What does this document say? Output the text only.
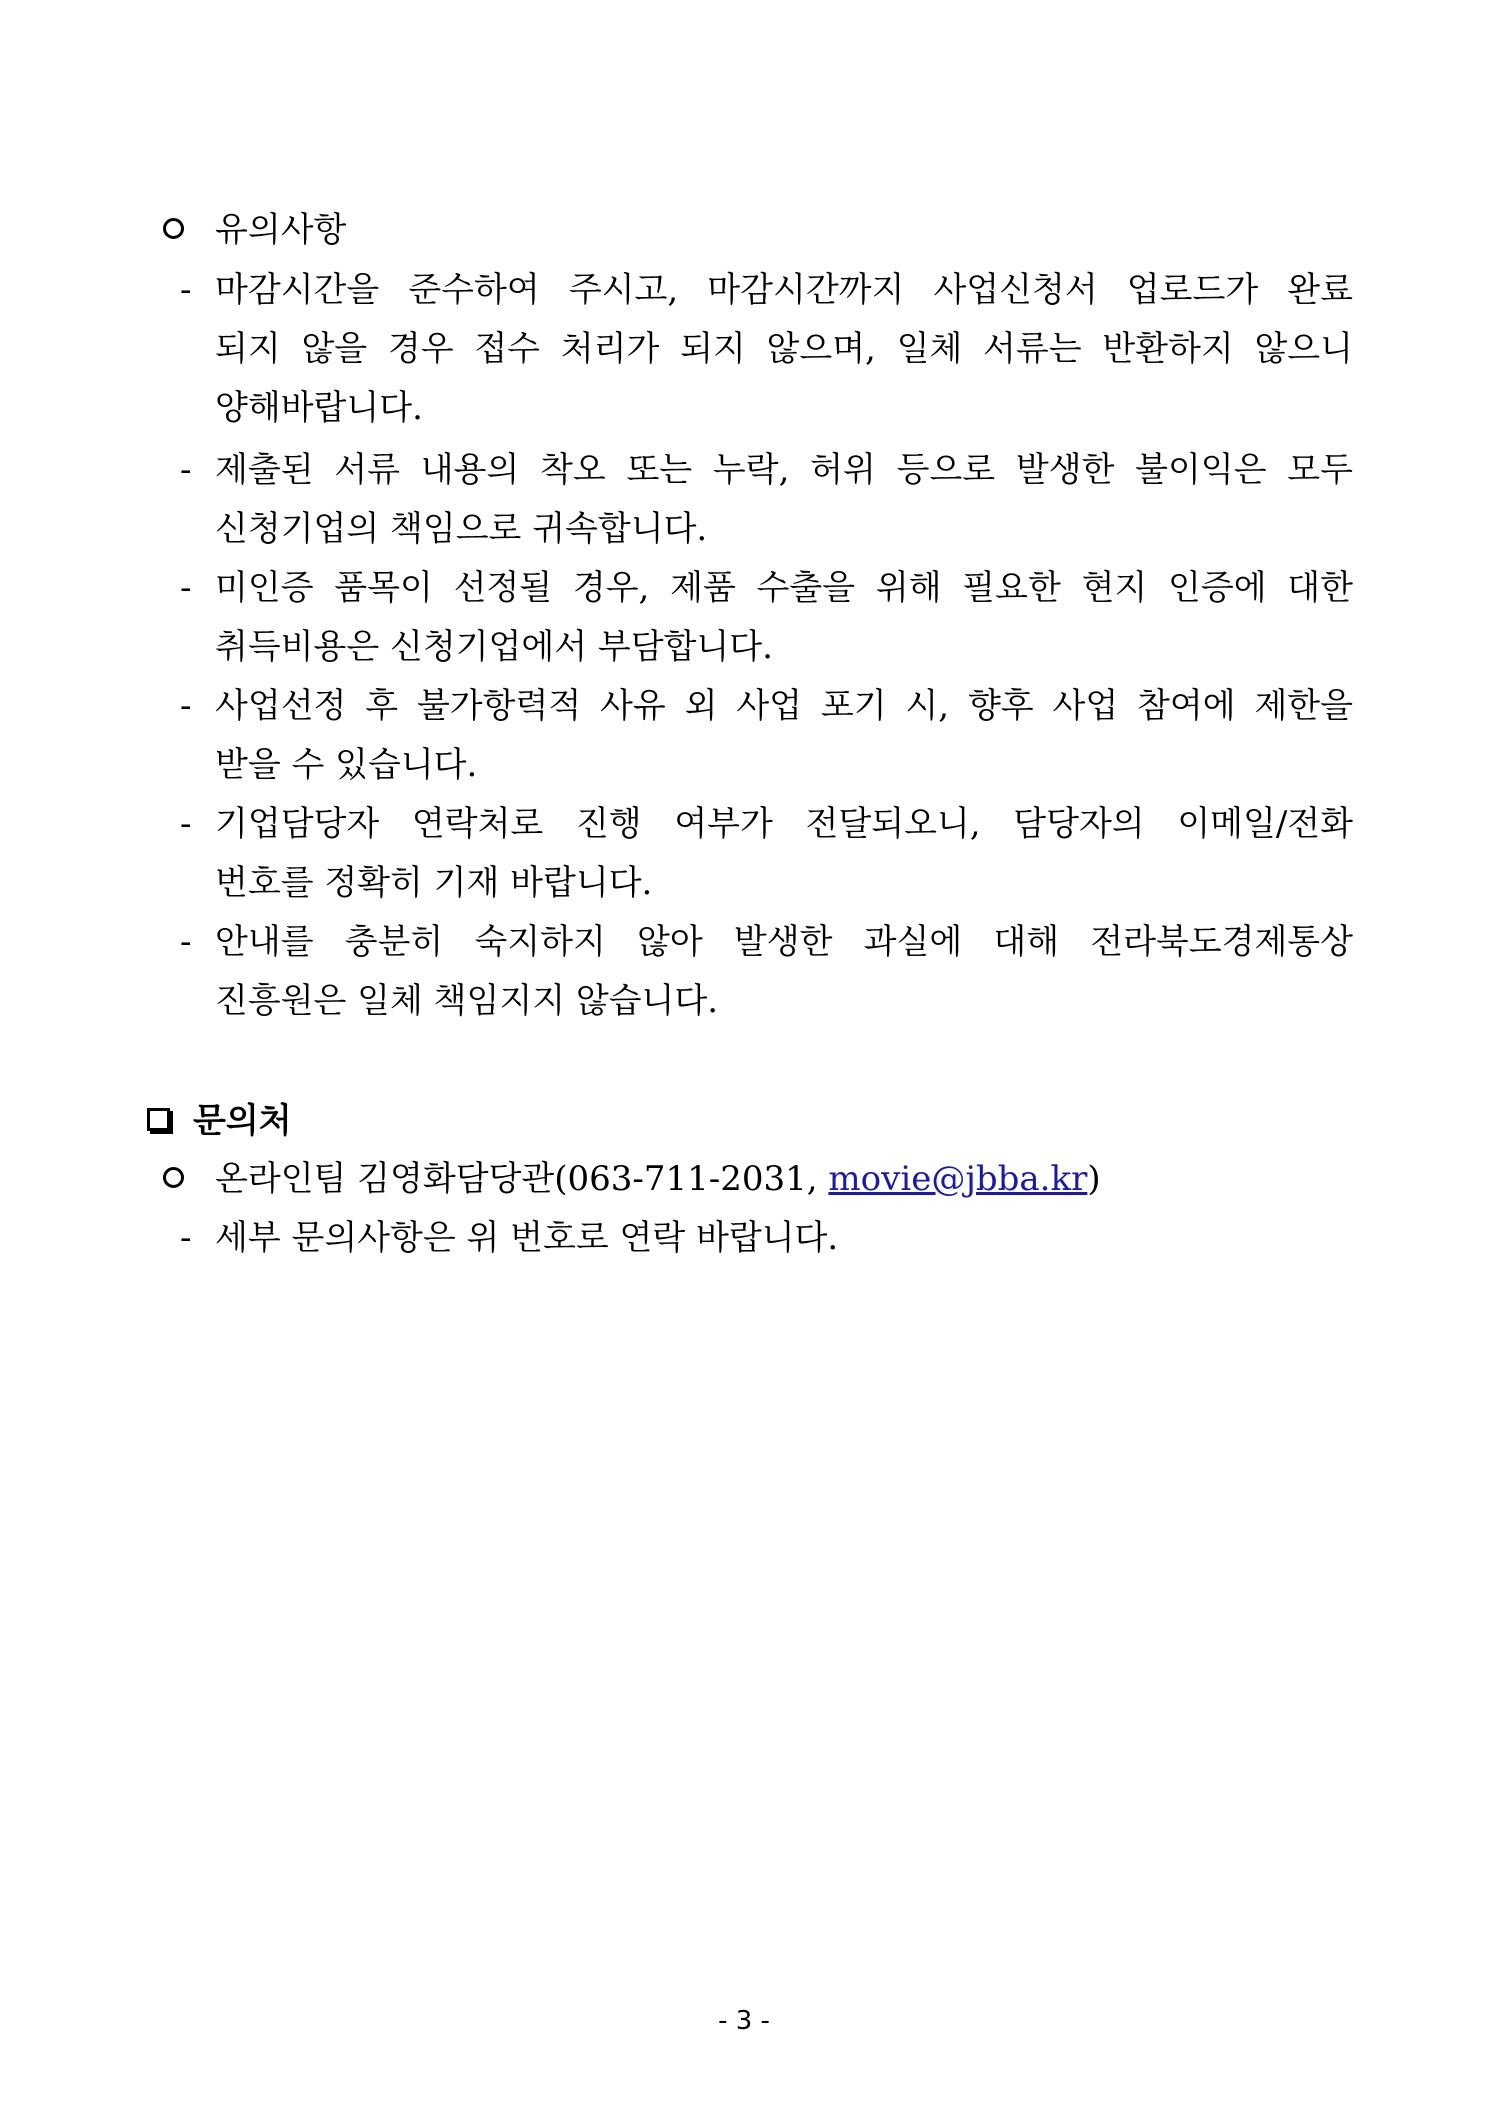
유의사항
- 마감시간을 준수하여 주시고, 마감시간까지 사업신청서 업로드가 완료
되지 않을 경우 접수 처리가 되지 않으며, 일체 서류는 반환하지 않으니
양해바랍니다.
- 제출된 서류 내용의 착오 또는 누락, 허위 등으로 발생한 불이익은 모두
신청기업의 책임으로 귀속합니다.
- 미인증 품목이 선정될 경우, 제품 수출을 위해 필요한 현지 인증에 대한
취득비용은 신청기업에서 부담합니다.
- 사업선정 후 불가항력적 사유 외 사업 포기 시, 향후 사업 참여에 제한을
받을 수 있습니다.
- 기업담당자 연락처로 진행 여부가 전달되오니, 담당자의 이메일/전화
번호를 정확히 기재 바랍니다.
- 안내를 충분히 숙지하지 않아 발생한 과실에 대해 전라북도경제통상
진흥원은 일체 책임지지 않습니다.
문의처
온라인팀 김영화담당관(063-711-2031, movie@jbba.kr)
- 세부 문의사항은 위 번호로 연락 바랍니다.
- 3 -
